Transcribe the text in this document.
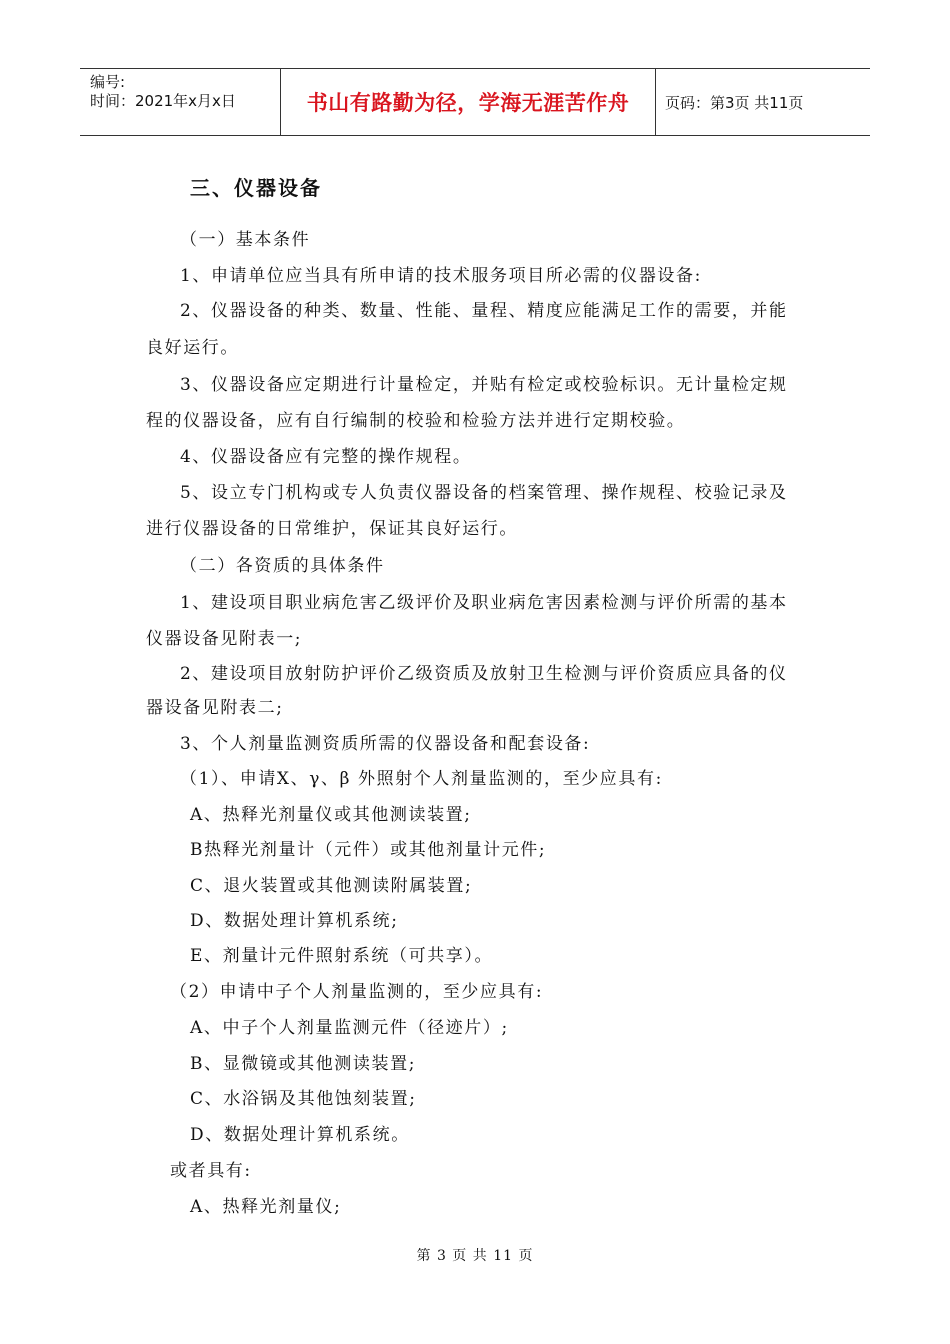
编号:
时间：2021年x月x日	书山有路勤为径，学海无涯苦作舟	页码：第3页 共11页
三、仪器设备
（一）基本条件
1、申请单位应当具有所申请的技术服务项目所必需的仪器设备:
2、仪器设备的种类、数量、性能、量程、精度应能满足工作的需要，并能
良好运行。
3、仪器设备应定期进行计量检定，并贴有检定或校验标识。无计量检定规
程的仪器设备，应有自行编制的校验和检验方法并进行定期校验。
4、仪器设备应有完整的操作规程。
5、设立专门机构或专人负责仪器设备的档案管理、操作规程、校验记录及
进行仪器设备的日常维护，保证其良好运行。
（二）各资质的具体条件
1、建设项目职业病危害乙级评价及职业病危害因素检测与评价所需的基本
仪器设备见附表一;
2、建设项目放射防护评价乙级资质及放射卫生检测与评价资质应具备的仪
器设备见附表二;
3、个人剂量监测资质所需的仪器设备和配套设备:
（1）、申请X、γ、β 外照射个人剂量监测的，至少应具有:
A、热释光剂量仪或其他测读装置;
B热释光剂量计（元件）或其他剂量计元件;
C、退火装置或其他测读附属装置;
D、数据处理计算机系统;
E、剂量计元件照射系统（可共享）。
（2）申请中子个人剂量监测的，至少应具有:
A、中子个人剂量监测元件（径迹片）;
B、显微镜或其他测读装置;
C、水浴锅及其他蚀刻装置;
D、数据处理计算机系统。
或者具有:
A、热释光剂量仪;
第 3 页 共 11 页
